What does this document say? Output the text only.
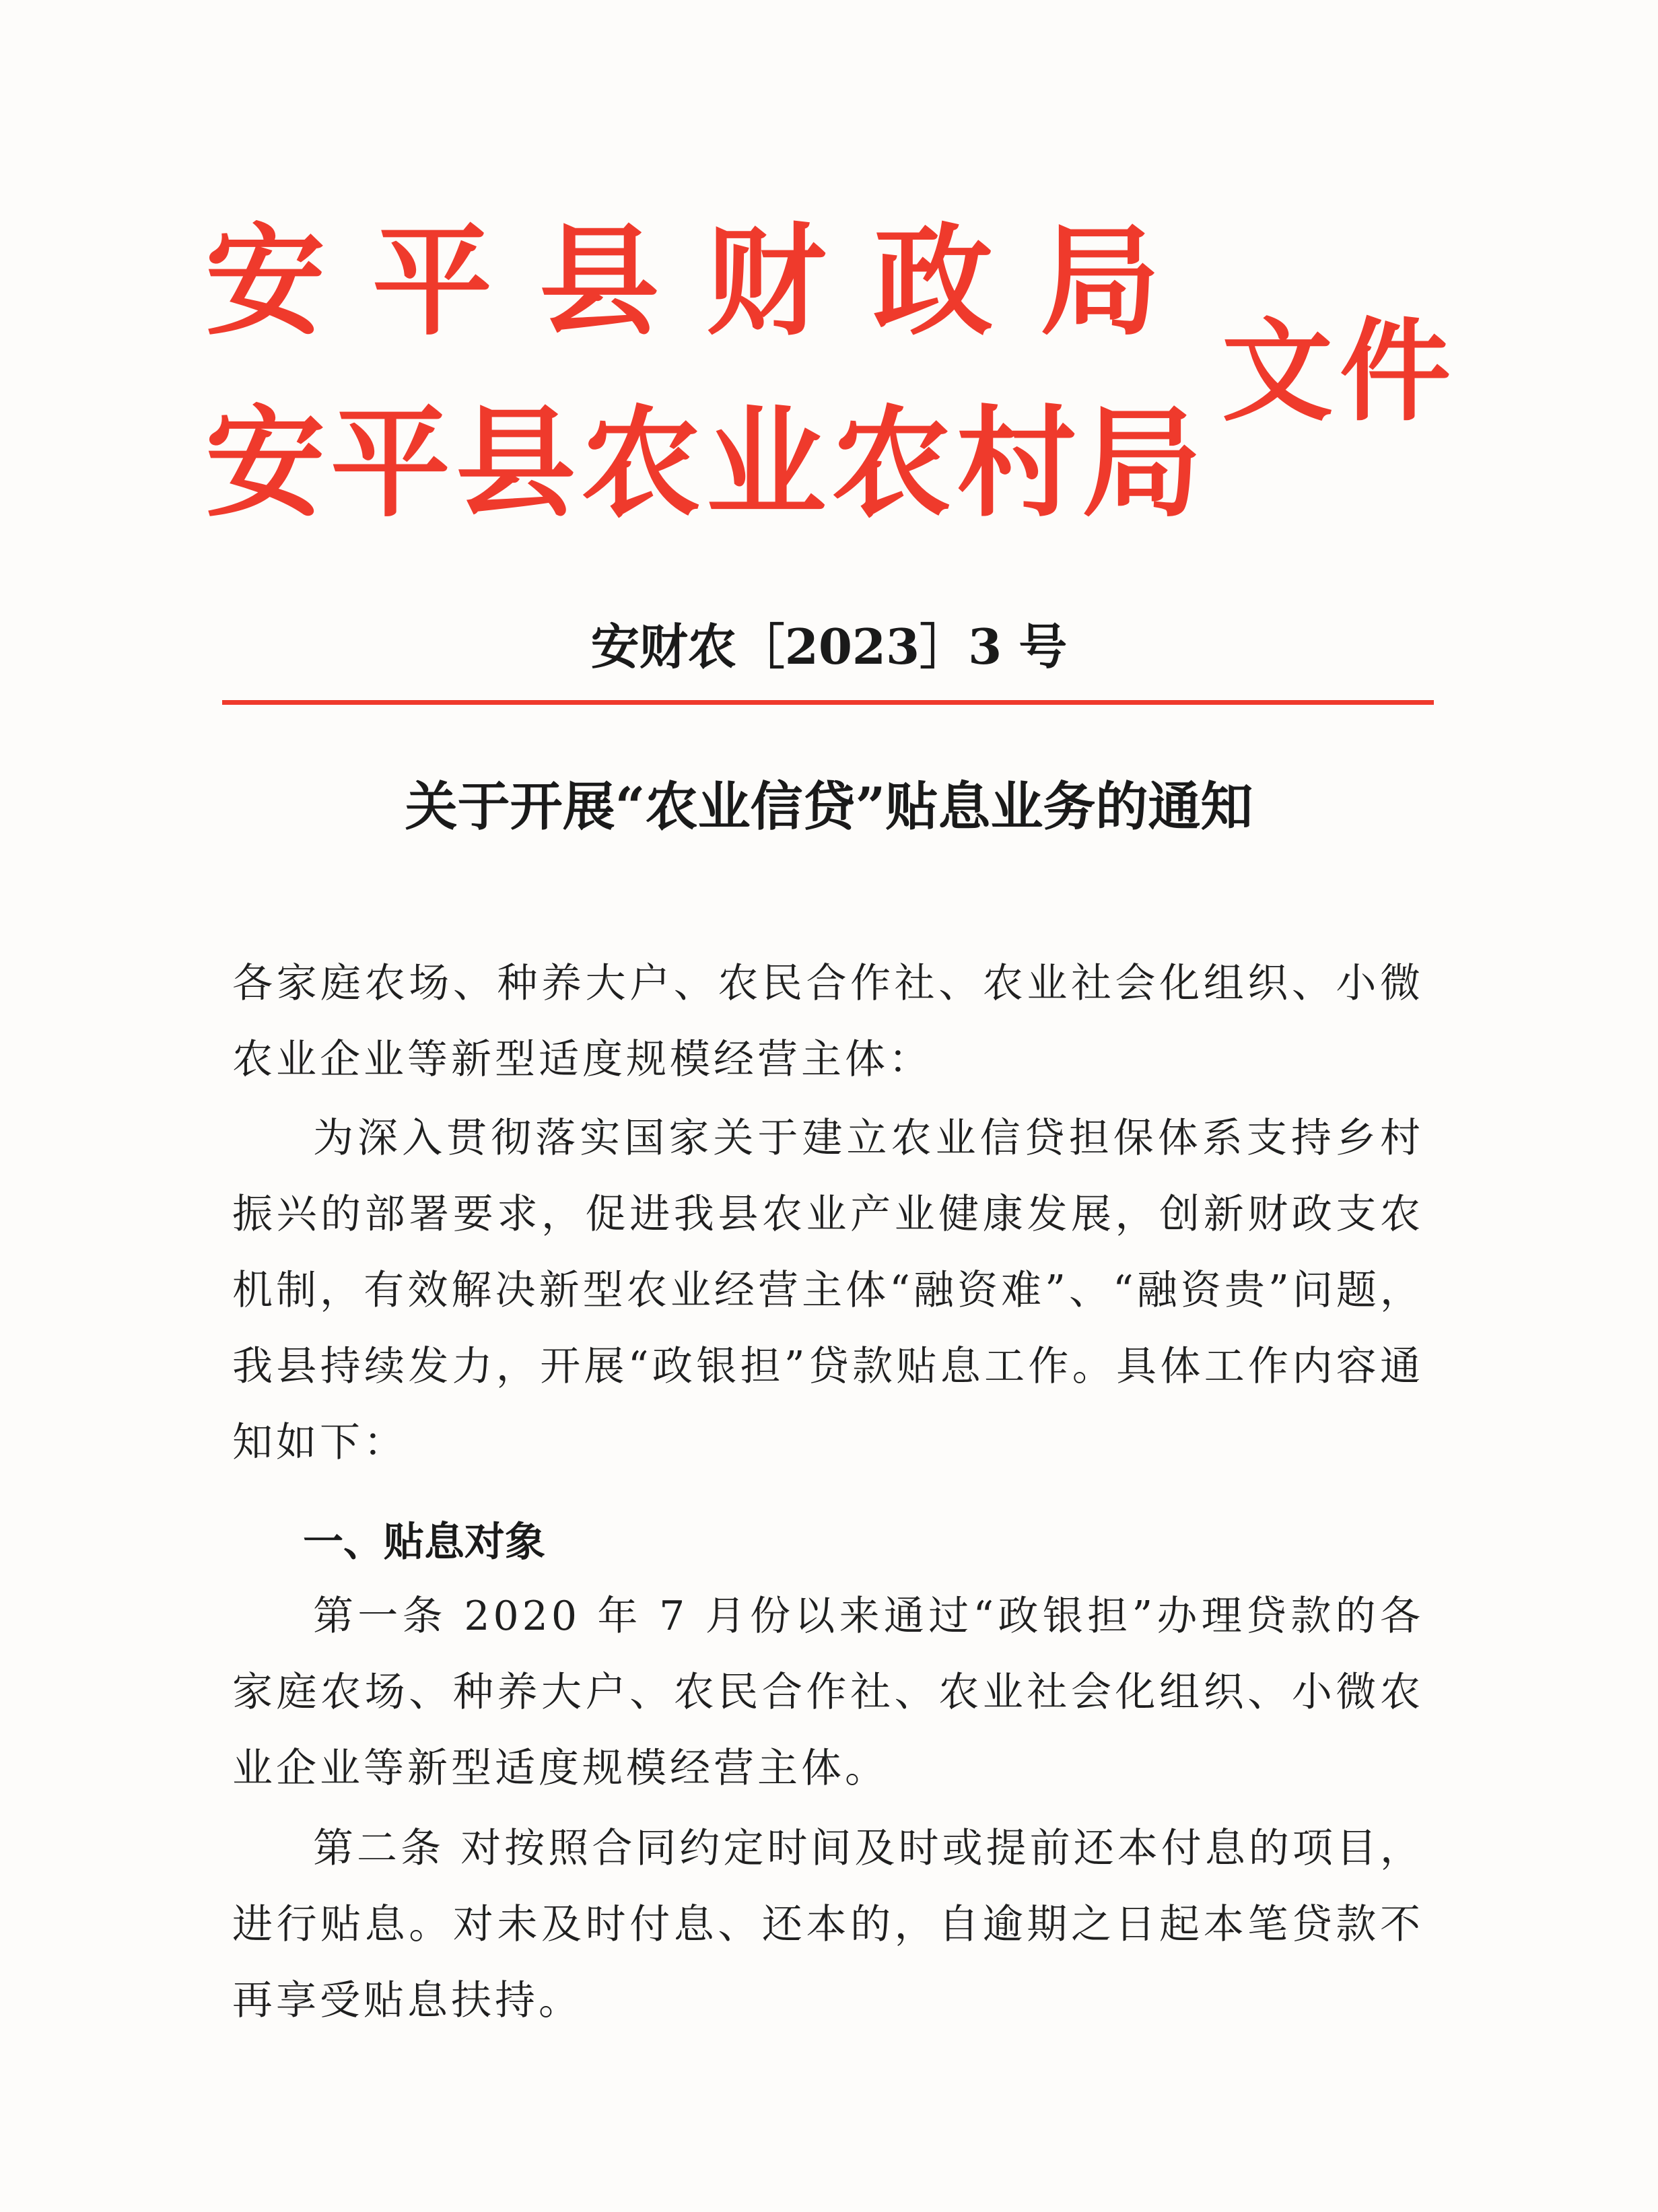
安平县财政局
安平县农业农村局
文件
安财农［2023］3 号
关于开展“农业信贷”贴息业务的通知
各家庭农场、种养大户、农民合作社、农业社会化组织、小微农业企业等新型适度规模经营主体：
为深入贯彻落实国家关于建立农业信贷担保体系支持乡村振兴的部署要求，促进我县农业产业健康发展，创新财政支农机制，有效解决新型农业经营主体“融资难”、“融资贵”问题，我县持续发力，开展“政银担”贷款贴息工作。具体工作内容通知如下：
一、贴息对象
第一条 2020 年 7 月份以来通过“政银担”办理贷款的各家庭农场、种养大户、农民合作社、农业社会化组织、小微农业企业等新型适度规模经营主体。
第二条 对按照合同约定时间及时或提前还本付息的项目，进行贴息。对未及时付息、还本的，自逾期之日起本笔贷款不再享受贴息扶持。
